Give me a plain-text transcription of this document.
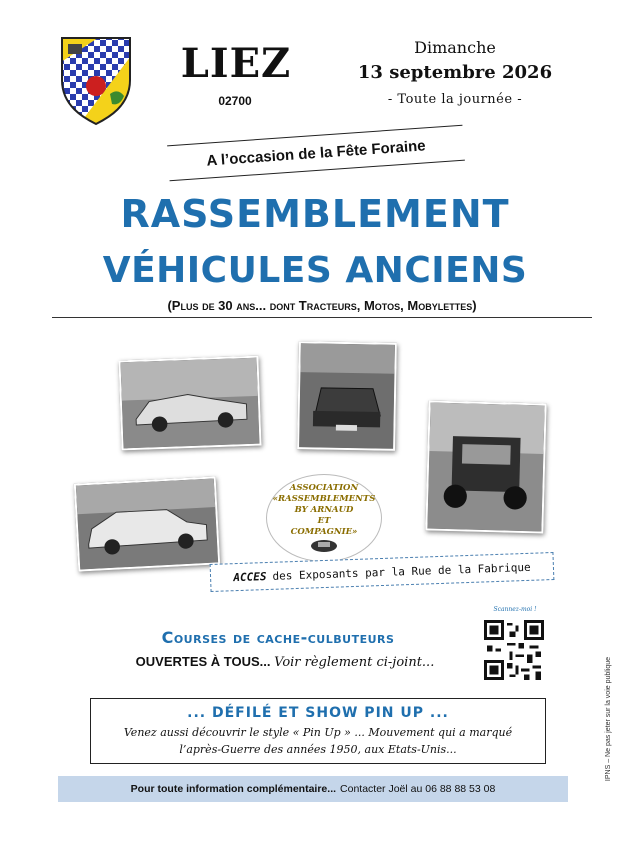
LIEZ
02700
Dimanche
13 septembre 2026
- Toute la journée -
A l’occasion de la Fête Foraine
RASSEMBLEMENT
VÉHICULES ANCIENS
(Plus de 30 ans... dont Tracteurs, Motos, Mobylettes)
ASSOCIATION
«RASSEMBLEMENTS
BY ARNAUD
ET
COMPAGNIE»
ACCES des Exposants par la Rue de la Fabrique
Courses de cache-culbuteurs
OUVERTES À TOUS... Voir règlement ci-joint...
Scannez-moi !
... DÉFILÉ ET SHOW PIN UP ...
Venez aussi découvrir le style « Pin Up » ... Mouvement qui a marqué
l’après-Guerre des années 1950, aux Etats-Unis...
Pour toute information complémentaire... Contacter Joël au 06 88 88 53 08
IPNS – Ne pas jeter sur la voie publique
